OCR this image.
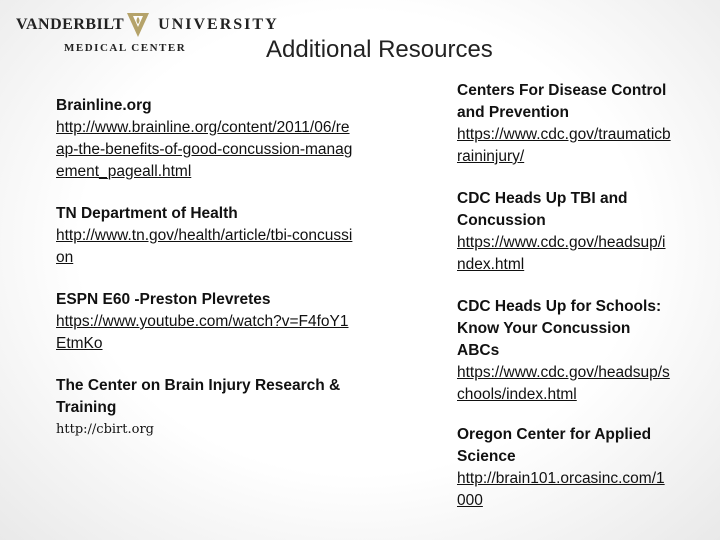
VANDERBILT UNIVERSITY
MEDICAL CENTER	Additional Resources
Brainline.org
http://www.brainline.org/content/2011/06/reap-the-benefits-of-good-concussion-management_pageall.html
TN Department of Health
http://www.tn.gov/health/article/tbi-concussion
ESPN E60 -Preston Plevretes
https://www.youtube.com/watch?v=F4foY1EtmKo
The Center on Brain Injury Research & Training
http://cbirt.org
Centers For Disease Control and Prevention
https://www.cdc.gov/traumaticbraininjury/
CDC Heads Up TBI and Concussion
https://www.cdc.gov/headsup/index.html
CDC Heads Up for Schools: Know Your Concussion ABCs
https://www.cdc.gov/headsup/schools/index.html
Oregon Center for Applied Science
http://brain101.orcasinc.com/1000
